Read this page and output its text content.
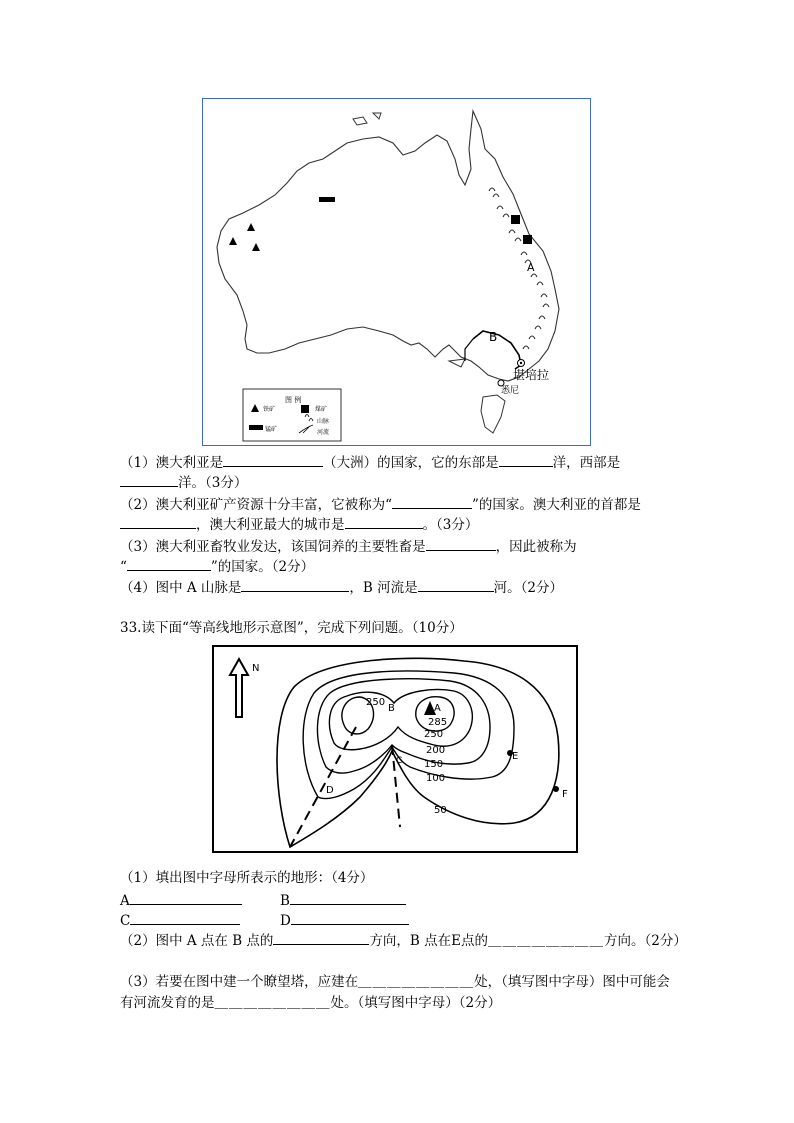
A
B
堪培拉
悉尼
图 例
铁矿	煤矿
山脉
锰矿	河流
（1）澳大利亚是	（大洲）的国家，它的东部是	洋，西部是
洋。（3分）
（2）澳大利亚矿产资源十分丰富，它被称为“	”的国家。澳大利亚的首都是
，澳大利亚最大的城市是	。（3分）
（3）澳大利亚畜牧业发达，该国饲养的主要牲畜是	，因此被称为
“	”的国家。（2分）
（4）图中 A 山脉是	，B 河流是	河。（2分）
33.读下面“等高线地形示意图”，完成下列问题。（10分）
N
250
285
250
200
150
100
50
A
B
C
D
E
F
（1）填出图中字母所表示的地形：（4分）
A	B
C	D
（2）图中 A 点在 B 点的	方向，B 点在E点的＿＿＿＿＿＿＿＿方向。（2分）
（3）若要在图中建一个瞭望塔，应建在＿＿＿＿＿＿＿＿处，（填写图中字母）图中可能会
有河流发育的是＿＿＿＿＿＿＿＿处。（填写图中字母）（2分）
